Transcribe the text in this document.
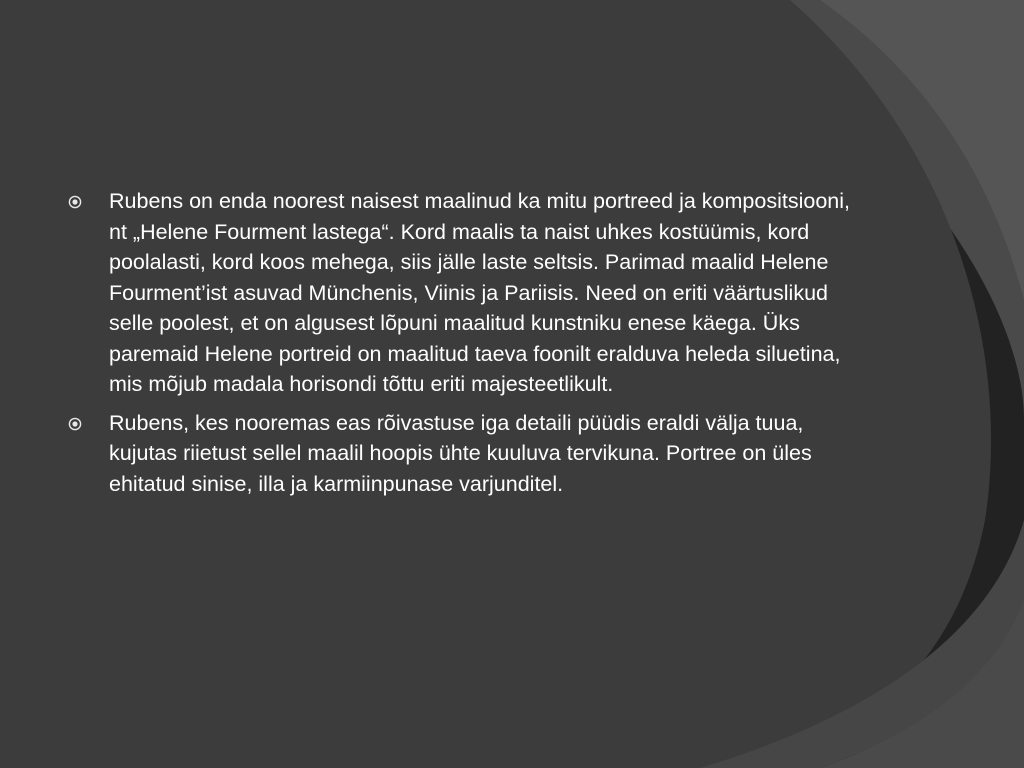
Rubens on enda noorest naisest maalinud ka mitu portreed ja kompositsiooni, nt „Helene Fourment lastega“. Kord maalis ta naist uhkes kostüümis, kord poolalasti, kord koos mehega, siis jälle laste seltsis. Parimad maalid Helene Fourment’ist asuvad Münchenis, Viinis ja Pariisis. Need on eriti väärtuslikud selle poolest, et on algusest lõpuni maalitud kunstniku enese käega. Üks paremaid Helene portreid on maalitud taeva foonilt eralduva heleda siluetina, mis mõjub madala horisondi tõttu eriti majesteetlikult.
Rubens, kes nooremas eas rõivastuse iga detaili püüdis eraldi välja tuua, kujutas riietust sellel maalil hoopis ühte kuuluva tervikuna. Portree on üles ehitatud sinise, illa ja karmiinpunase varjunditel.
